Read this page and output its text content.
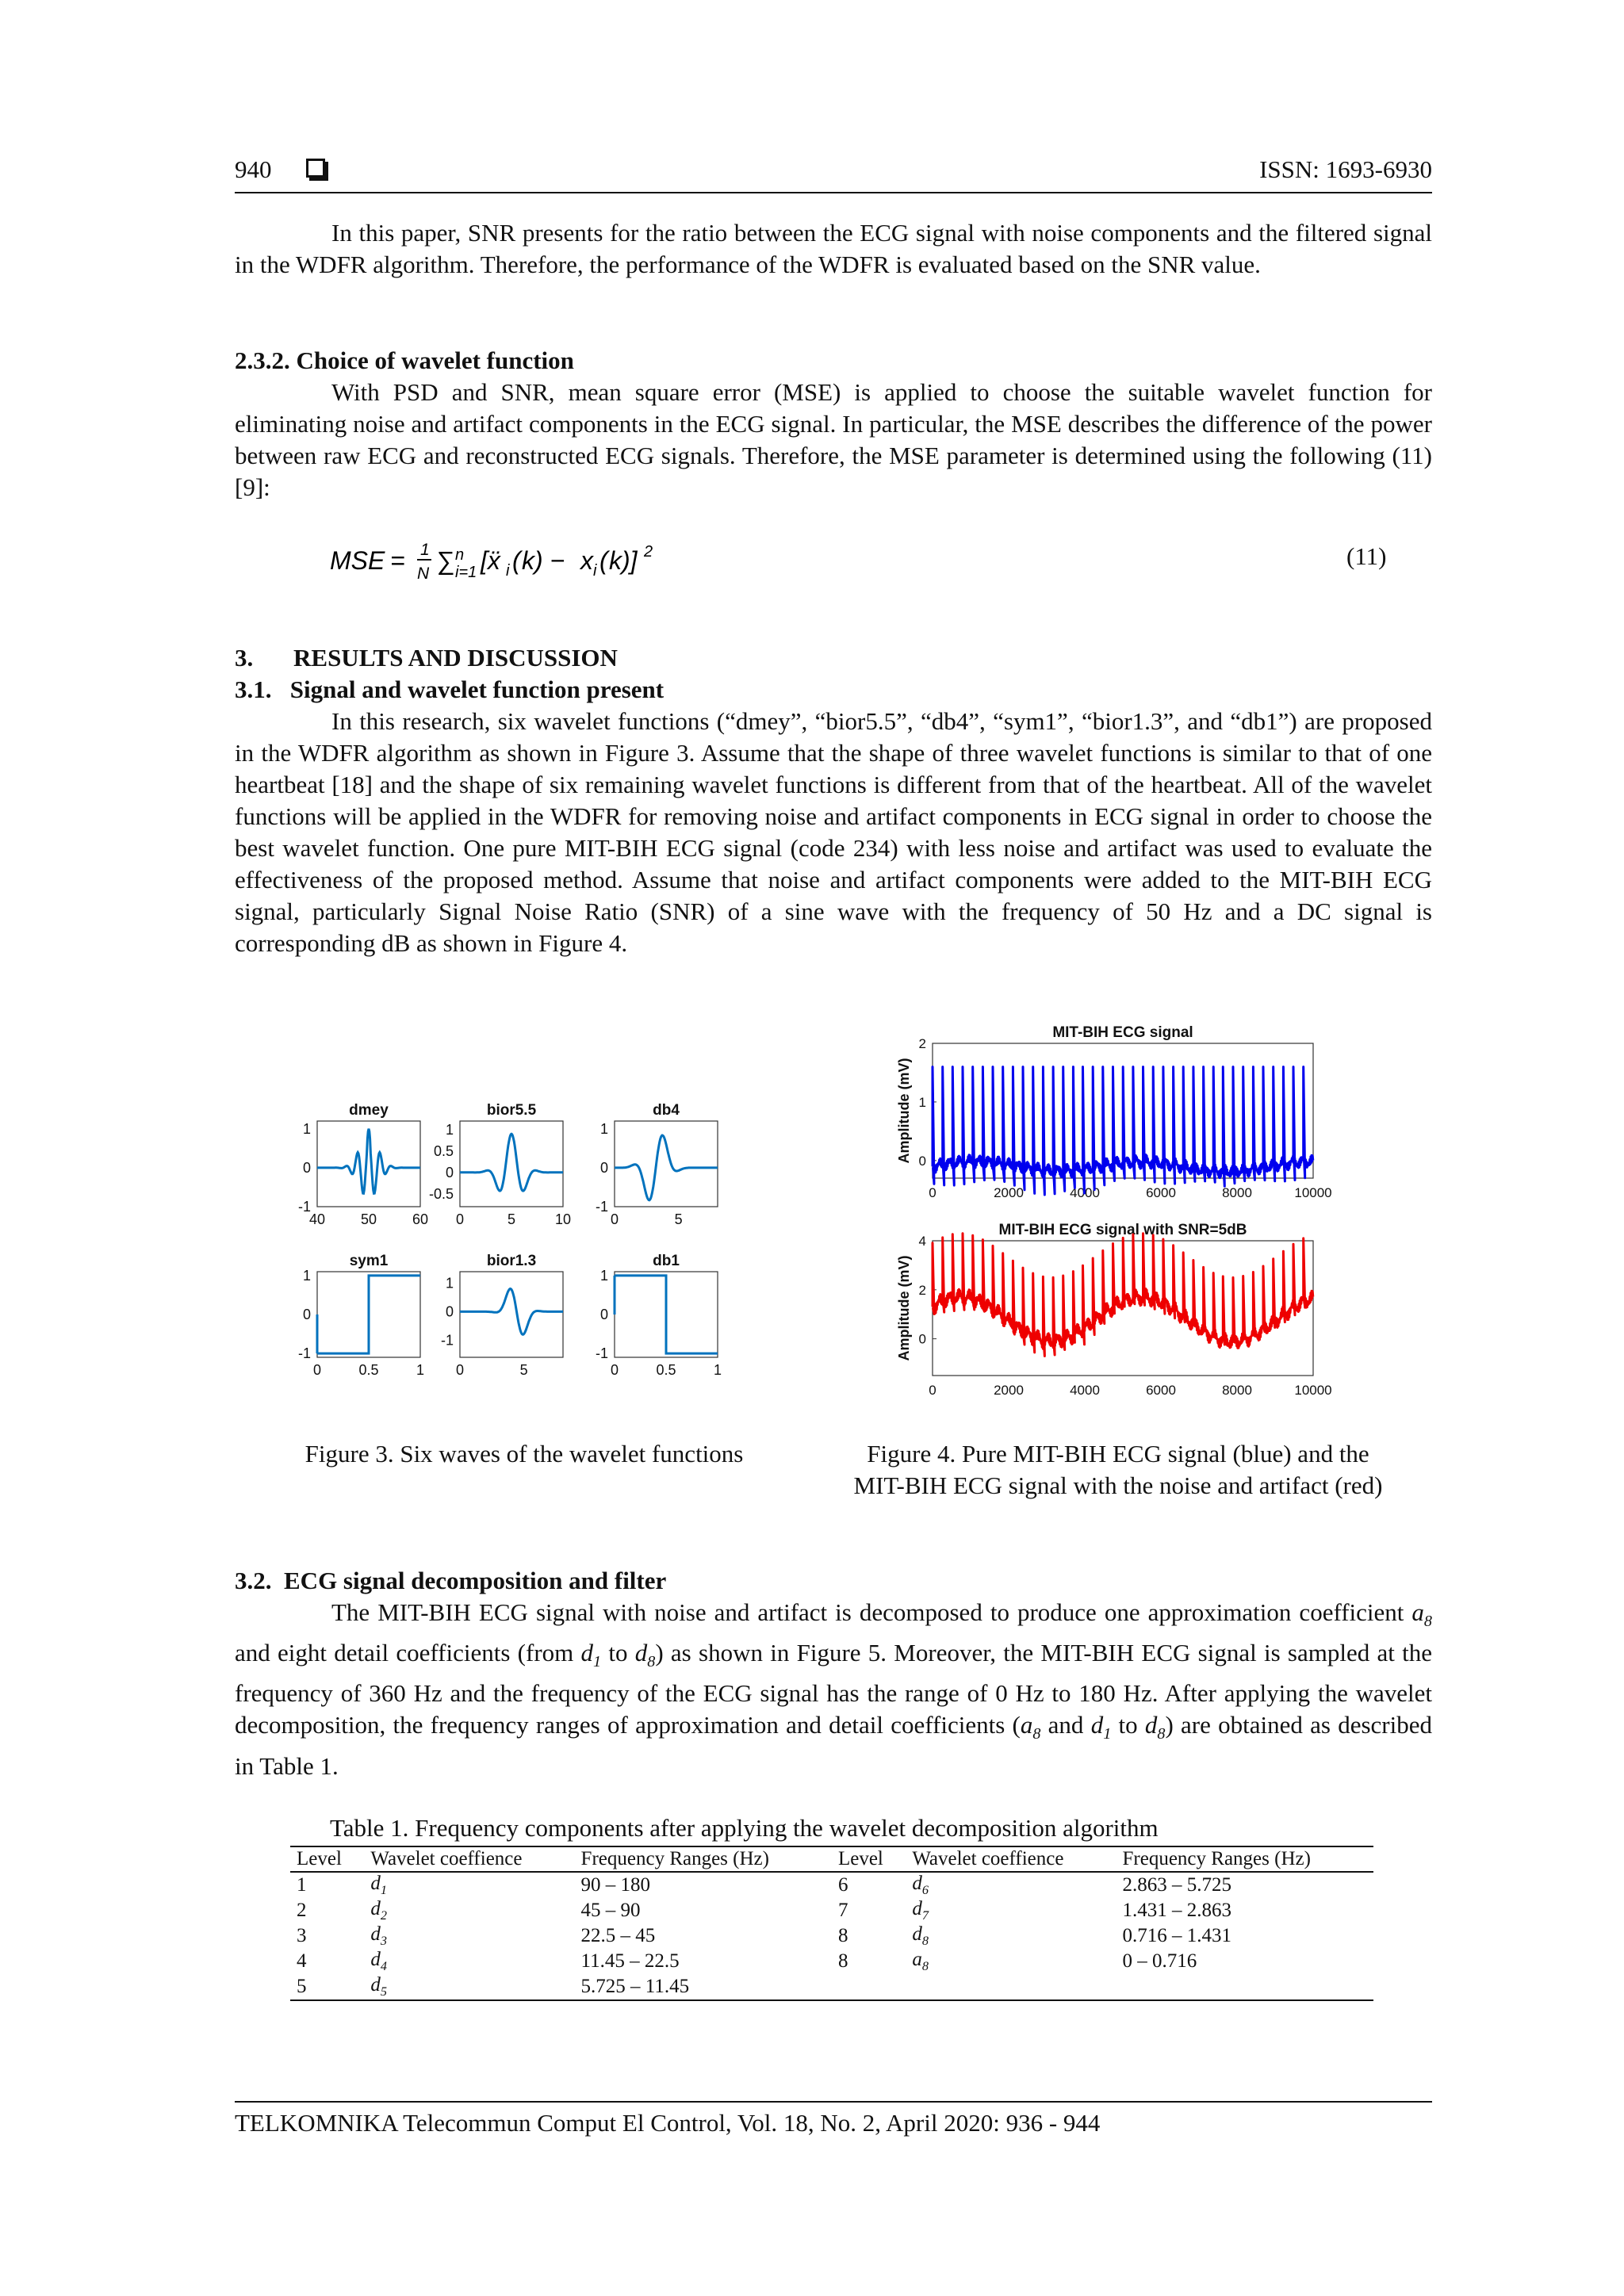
940	ISSN: 1693-6930

In this paper, SNR presents for the ratio between the ECG signal with noise components and the filtered signal in the WDFR algorithm. Therefore, the performance of the WDFR is evaluated based on the SNR value.

2.3.2. Choice of wavelet function

With PSD and SNR, mean square error (MSE) is applied to choose the suitable wavelet function for eliminating noise and artifact components in the ECG signal. In particular, the MSE describes the difference of the power between raw ECG and reconstructed ECG signals. Therefore, the MSE parameter is determined using the following (11) [9]:

MSE = 1
N ∑ n
i=1 [ẍ i ( k ) − x i ( k )] 2	(11)
3. RESULTS AND DISCUSSION
3.1.   Signal and wavelet function present

In this research, six wavelet functions (“dmey”, “bior5.5”, “db4”, “sym1”, “bior1.3”, and “db1”) are proposed in the WDFR algorithm as shown in Figure 3. Assume that the shape of three wavelet functions is similar to that of one heartbeat [18] and the shape of six remaining wavelet functions is different from that of the heartbeat. All of the wavelet functions will be applied in the WDFR for removing noise and artifact components in ECG signal in order to choose the best wavelet function. One pure MIT-BIH ECG signal (code 234) with less noise and artifact was used to evaluate the effectiveness of the proposed method. Assume that noise and artifact components were added to the MIT-BIH ECG signal, particularly Signal Noise Ratio (SNR) of a sine wave with the frequency of 50 Hz and a DC signal is corresponding dB as shown in Figure 4.

dmey
1
0
-1
40 50 60
bior5.5
1
0.5
0
-0.5
0	5	10
db4
1
0
-1
0	5
sym1
1
0
-1
0	0.5	1
bior1.3
1
0
-1
0	5
db1
1
0
-1
0	0.5	1
Figure 3. Six waves of the wavelet functions
MIT-BIH ECG signal
2
1
0
0	2000	4000	6000	8000	10000
Amplitude (mV)
MIT-BIH ECG signal with SNR=5dB
4
2
0
0	2000	4000	6000	8000	10000
Amplitude (mV)
Figure 4. Pure MIT-BIH ECG signal (blue) and the
MIT-BIH ECG signal with the noise and artifact (red)
3.2.  ECG signal decomposition and filter

The MIT-BIH ECG signal with noise and artifact is decomposed to produce one approximation coefficient $a_8$ and eight detail coefficients (from $d_1$ to $d_8$) as shown in Figure 5. Moreover, the MIT-BIH ECG signal is sampled at the frequency of 360 Hz and the frequency of the ECG signal has the range of 0 Hz to 180 Hz. After applying the wavelet decomposition, the frequency ranges of approximation and detail coefficients ($a_8$ and $d_1$ to $d_8$) are obtained as described in Table 1.

Table 1. Frequency components after applying the wavelet decomposition algorithm
Level	Wavelet coeffience	Frequency Ranges (Hz)	Level	Wavelet coeffience	Frequency Ranges (Hz)
1	$d_1$	90 – 180	6	$d_6$	2.863 – 5.725
2	$d_2$	45 – 90	7	$d_7$	1.431 – 2.863
3	$d_3$	22.5 – 45	8	$d_8$	0.716 – 1.431
4	$d_4$	11.45 – 22.5	8	$a_8$	0 – 0.716
5	$d_5$	5.725 – 11.45			
TELKOMNIKA Telecommun Comput El Control, Vol. 18, No. 2, April 2020: 936 - 944
